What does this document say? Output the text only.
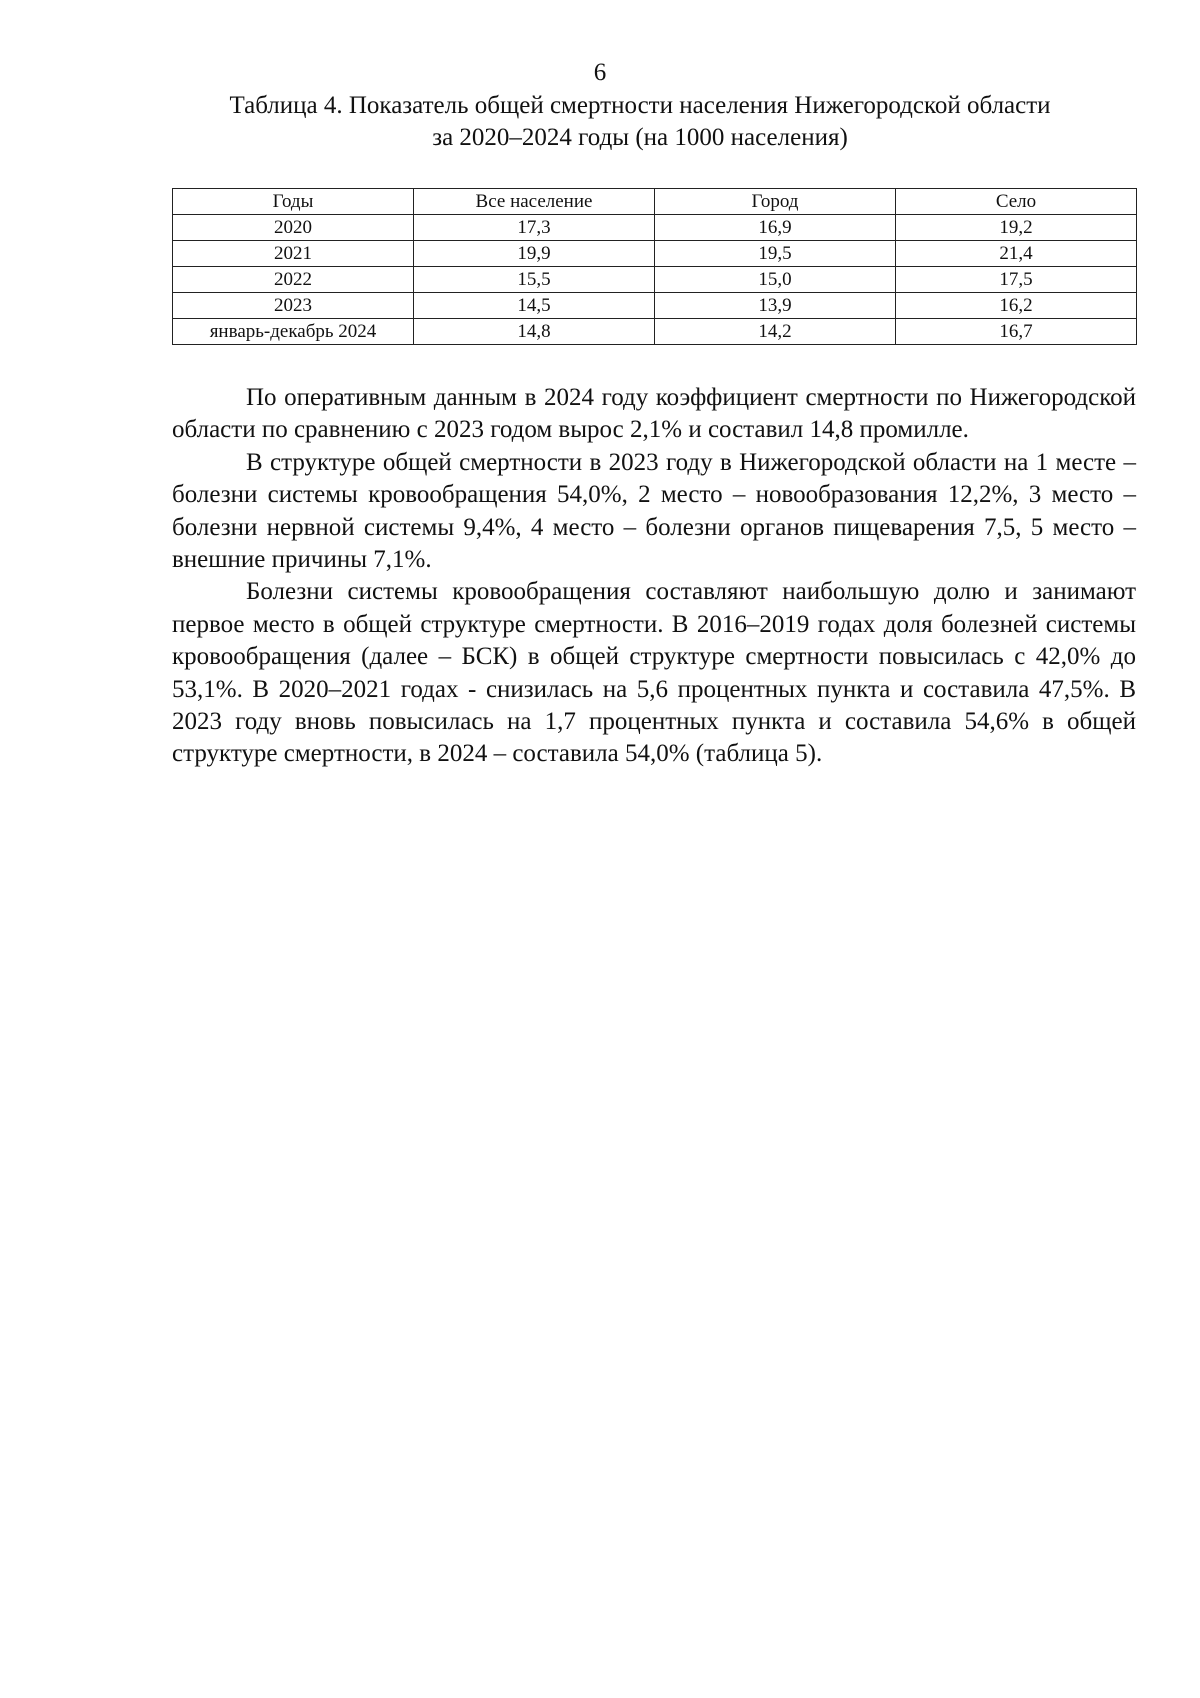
6
Таблица 4. Показатель общей смертности населения Нижегородской области
за 2020–2024 годы (на 1000 населения)
Годы	Все население	Город	Село
2020	17,3	16,9	19,2
2021	19,9	19,5	21,4
2022	15,5	15,0	17,5
2023	14,5	13,9	16,2
январь-декабрь 2024	14,8	14,2	16,7

По оперативным данным в 2024 году коэффициент смертности по Нижегородской области по сравнению с 2023 годом вырос 2,1% и составил 14,8 промилле.

В структуре общей смертности в 2023 году в Нижегородской области на 1 месте – болезни системы кровообращения 54,0%, 2 место – новообразования 12,2%, 3 место – болезни нервной системы 9,4%, 4 место – болезни органов пищеварения 7,5, 5 место – внешние причины 7,1%.

Болезни системы кровообращения составляют наибольшую долю и занимают первое место в общей структуре смертности. В 2016–2019 годах доля болезней системы кровообращения (далее – БСК) в общей структуре смертности повысилась с 42,0% до 53,1%. В 2020–2021 годах - снизилась на 5,6 процентных пункта и составила 47,5%. В 2023 году вновь повысилась на 1,7 процентных пункта и составила 54,6% в общей структуре смертности, в 2024 – составила 54,0% (таблица 5).
